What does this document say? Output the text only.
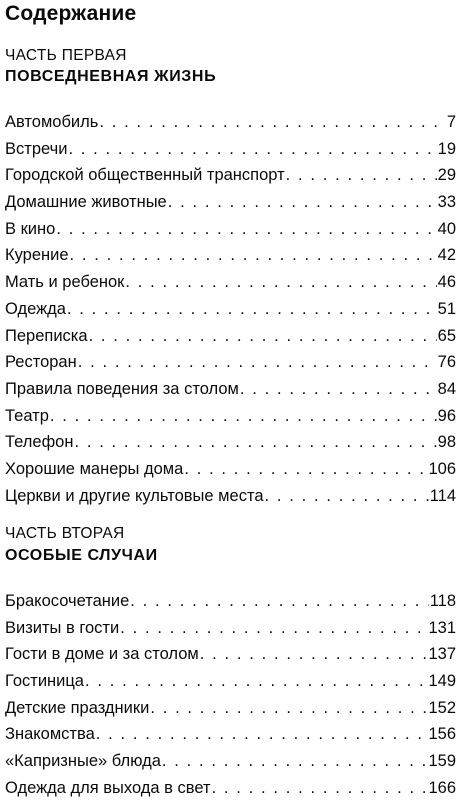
Содержание
ЧАСТЬ ПЕРВАЯ
ПОВСЕДНЕВНАЯ ЖИЗНЬ
Автомобиль . . .	7
Встречи . . .	19
Городской общественный транспорт . . .	29
Домашние животные . . .	33
В кино . . .	40
Курение . . .	42
Мать и ребенок . . .	46
Одежда . . .	51
Переписка . . .	65
Ресторан . . .	76
Правила поведения за столом . . .	84
Театр . . .	96
Телефон . . .	98
Хорошие манеры дома . . .	106
Церкви и другие культовые места . . .	114
ЧАСТЬ ВТОРАЯ
ОСОБЫЕ СЛУЧАИ
Бракосочетание . . .	118
Визиты в гости . . .	131
Гости в доме и за столом . . .	137
Гостиница . . .	149
Детские праздники . . .	152
Знакомства . . .	156
«Капризные» блюда . . .	159
Одежда для выхода в свет . . .	166
